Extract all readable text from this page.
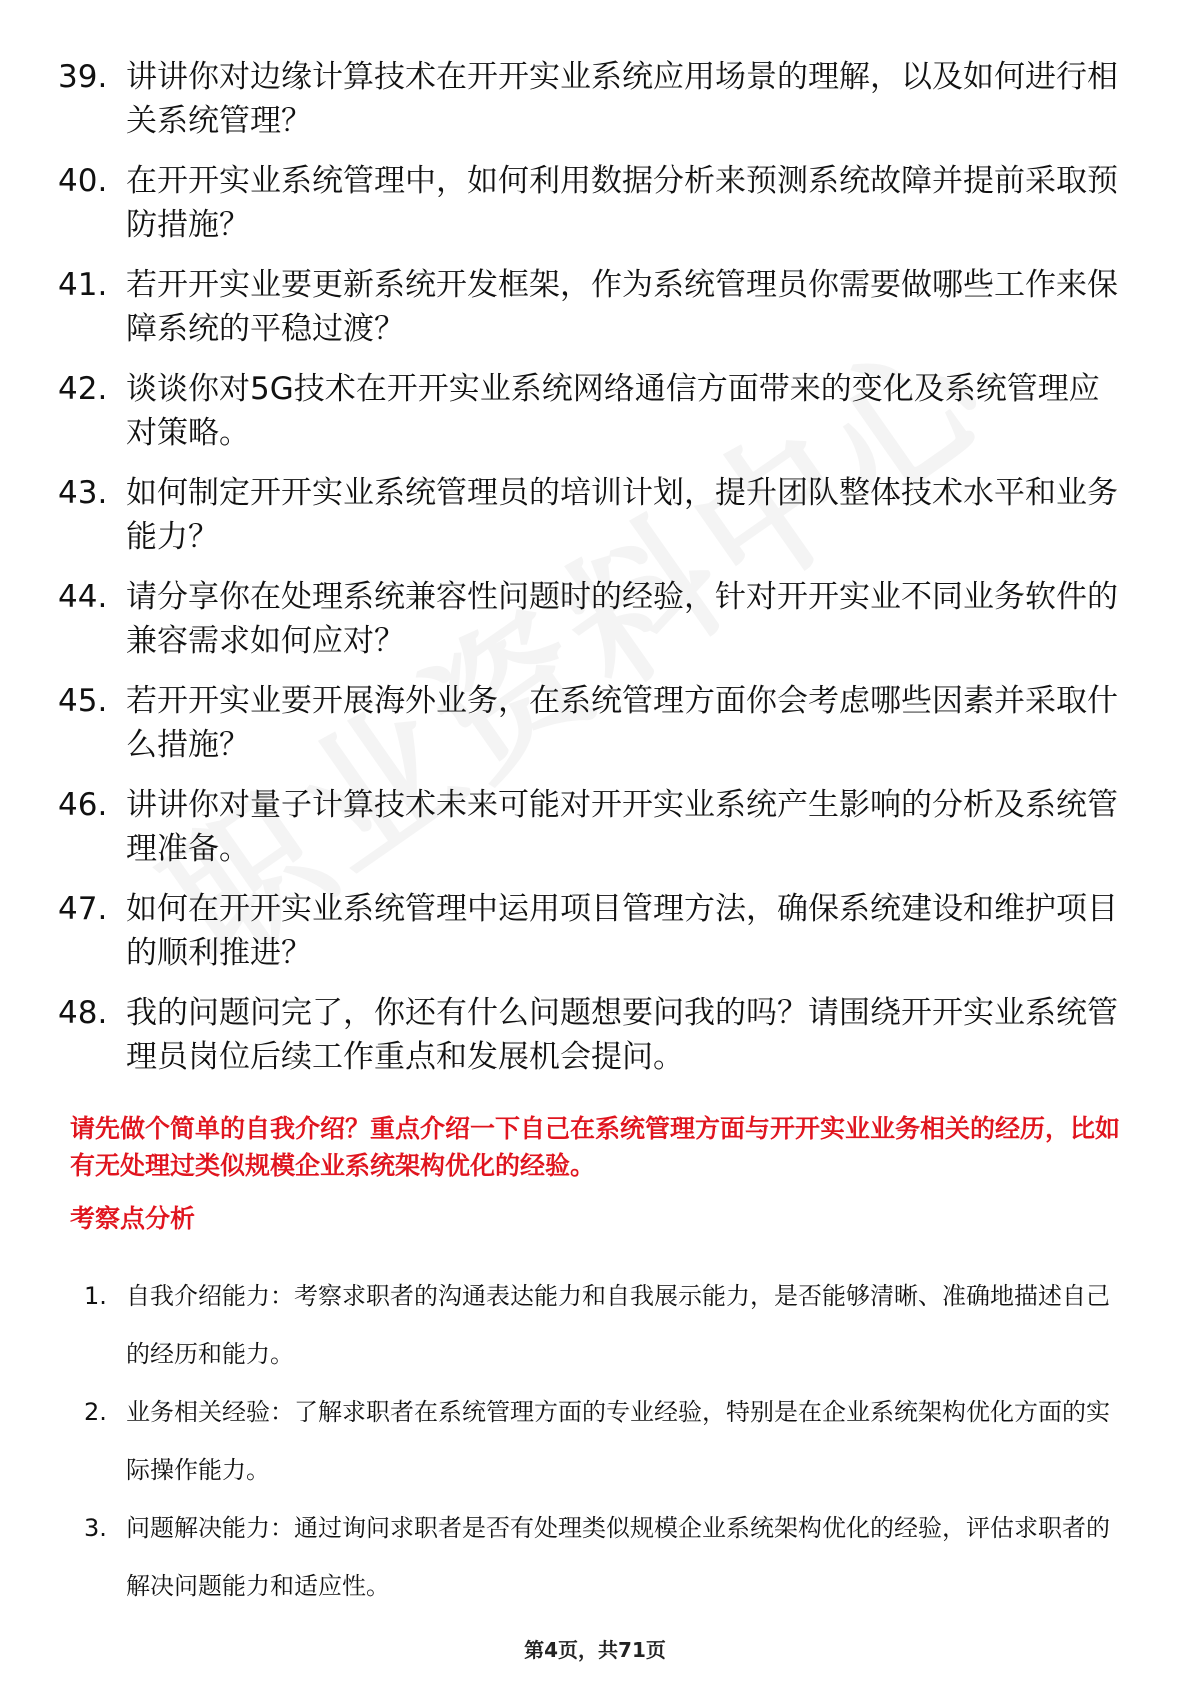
39. 讲讲你对边缘计算技术在开开实业系统应用场景的理解，以及如何进行相关系统管理？
40. 在开开实业系统管理中，如何利用数据分析来预测系统故障并提前采取预防措施？
41. 若开开实业要更新系统开发框架，作为系统管理员你需要做哪些工作来保障系统的平稳过渡？
42. 谈谈你对5G技术在开开实业系统网络通信方面带来的变化及系统管理应对策略。
43. 如何制定开开实业系统管理员的培训计划，提升团队整体技术水平和业务能力？
44. 请分享你在处理系统兼容性问题时的经验，针对开开实业不同业务软件的兼容需求如何应对？
45. 若开开实业要开展海外业务，在系统管理方面你会考虑哪些因素并采取什么措施？
46. 讲讲你对量子计算技术未来可能对开开实业系统产生影响的分析及系统管理准备。
47. 如何在开开实业系统管理中运用项目管理方法，确保系统建设和维护项目的顺利推进？
48. 我的问题问完了，你还有什么问题想要问我的吗？请围绕开开实业系统管理员岗位后续工作重点和发展机会提问。
请先做个简单的自我介绍？重点介绍一下自己在系统管理方面与开开实业业务相关的经历，比如有无处理过类似规模企业系统架构优化的经验。
考察点分析
1. 自我介绍能力：考察求职者的沟通表达能力和自我展示能力，是否能够清晰、准确地描述自己的经历和能力。
2. 业务相关经验：了解求职者在系统管理方面的专业经验，特别是在企业系统架构优化方面的实际操作能力。
3. 问题解决能力：通过询问求职者是否有处理类似规模企业系统架构优化的经验，评估求职者的解决问题能力和适应性。
第4页，共71页
